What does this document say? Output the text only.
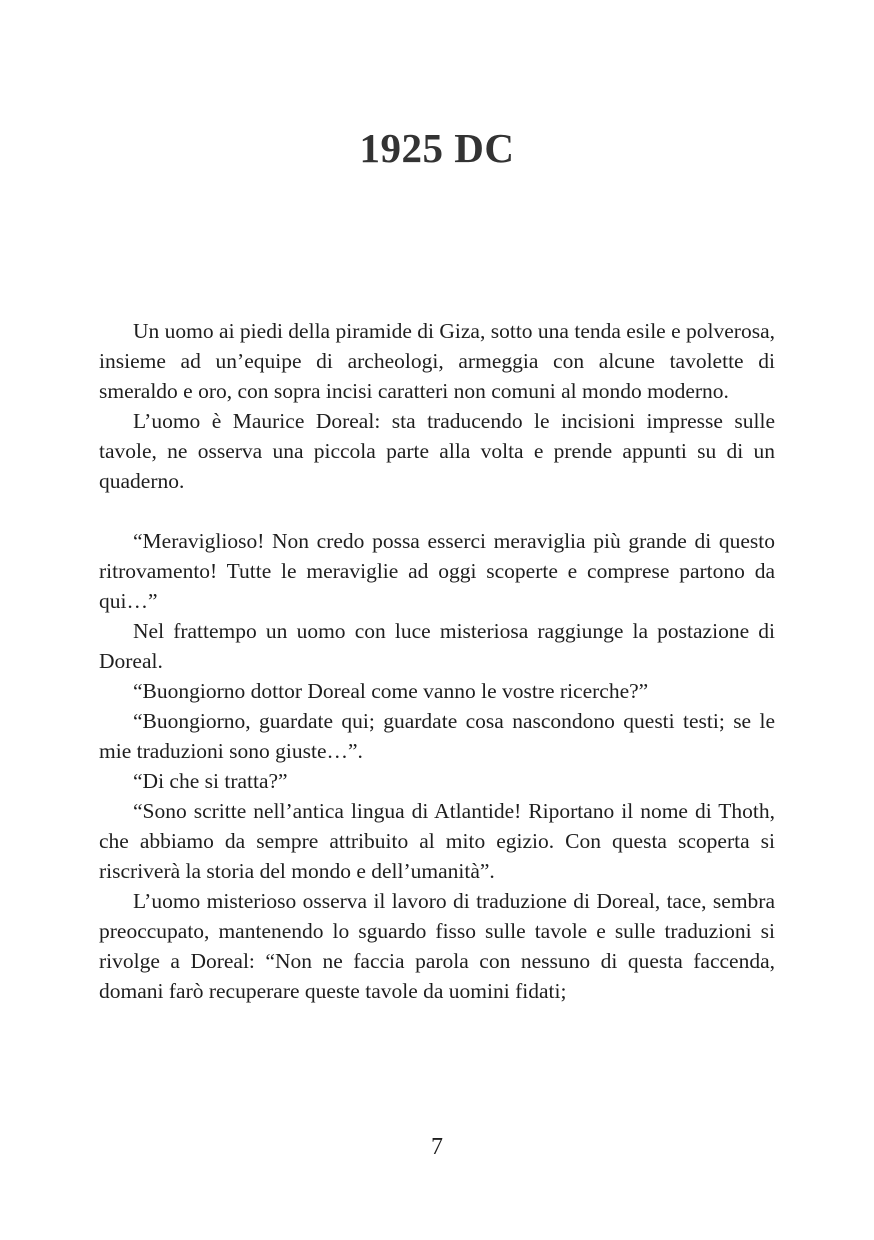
1925 DC

Un uomo ai piedi della piramide di Giza, sotto una tenda esile e polverosa, insieme ad un’equipe di archeologi, armeggia con alcune tavolette di smeraldo e oro, con sopra incisi caratteri non comuni al mondo moderno.

L’uomo è Maurice Doreal: sta traducendo le incisioni impresse sulle tavole, ne osserva una piccola parte alla volta e prende appunti su di un quaderno.

“Meraviglioso! Non credo possa esserci meraviglia più grande di questo ritrovamento! Tutte le meraviglie ad oggi scoperte e comprese partono da qui…”

Nel frattempo un uomo con luce misteriosa raggiunge la postazione di Doreal.

“Buongiorno dottor Doreal come vanno le vostre ricerche?”

“Buongiorno, guardate qui; guardate cosa nascondono questi testi; se le mie traduzioni sono giuste…”.

“Di che si tratta?”

“Sono scritte nell’antica lingua di Atlantide! Riportano il nome di Thoth, che abbiamo da sempre attribuito al mito egizio. Con questa scoperta si riscriverà la storia del mondo e dell’umanità”.

L’uomo misterioso osserva il lavoro di traduzione di Doreal, tace, sembra preoccupato, mantenendo lo sguardo fisso sulle tavole e sulle traduzioni si rivolge a Doreal: “Non ne faccia parola con nessuno di questa faccenda, domani farò recuperare queste tavole da uomini fidati;

7
